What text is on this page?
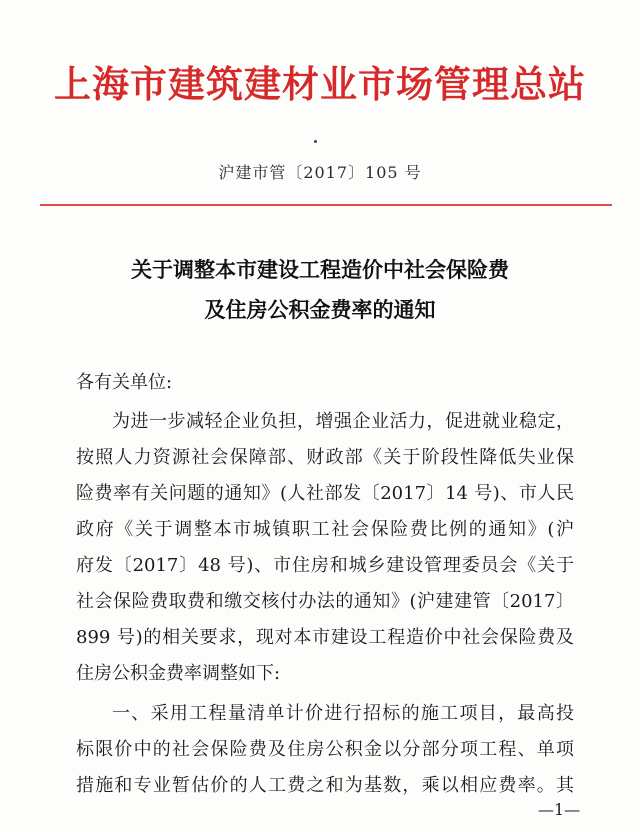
上海市建筑建材业市场管理总站
沪建市管〔2017〕105 号
关于调整本市建设工程造价中社会保险费
及住房公积金费率的通知
各有关单位:
为进一步减轻企业负担，增强企业活力，促进就业稳定，
按照人力资源社会保障部、财政部《关于阶段性降低失业保
险费率有关问题的通知》(人社部发〔2017〕14 号)、市人民
政府《关于调整本市城镇职工社会保险费比例的通知》(沪
府发〔2017〕48 号)、市住房和城乡建设管理委员会《关于
社会保险费取费和缴交核付办法的通知》(沪建建管〔2017〕
899 号)的相关要求，现对本市建设工程造价中社会保险费及
住房公积金费率调整如下:
一、采用工程量清单计价进行招标的施工项目，最高投
标限价中的社会保险费及住房公积金以分部分项工程、单项
措施和专业暂估价的人工费之和为基数，乘以相应费率。其
—1—
